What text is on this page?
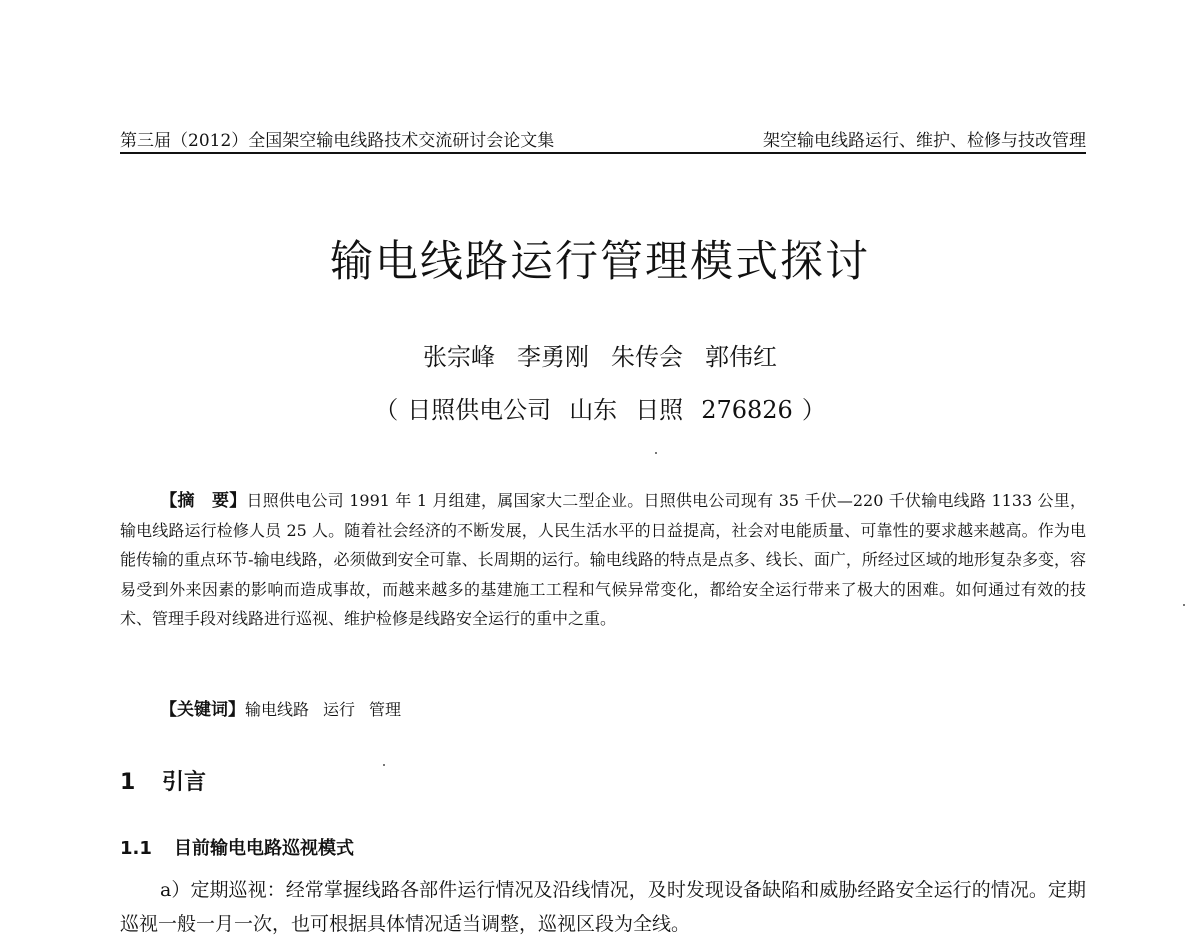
第三届（2012）全国架空输电线路技术交流研讨会论文集	架空输电线路运行、维护、检修与技改管理
输电线路运行管理模式探讨
张宗峰 李勇刚 朱传会 郭伟红
（ 日照供电公司 山东 日照 276826 ）
【摘　要】日照供电公司 1991 年 1 月组建，属国家大二型企业。日照供电公司现有 35 千伏—220 千伏输电线路 1133 公里，输电线路运行检修人员 25 人。随着社会经济的不断发展，人民生活水平的日益提高，社会对电能质量、可靠性的要求越来越高。作为电能传输的重点环节-输电线路，必须做到安全可靠、长周期的运行。输电线路的特点是点多、线长、面广，所经过区域的地形复杂多变，容易受到外来因素的影响而造成事故，而越来越多的基建施工工程和气候异常变化，都给安全运行带来了极大的困难。如何通过有效的技术、管理手段对线路进行巡视、维护检修是线路安全运行的重中之重。
【关键词】输电线路 运行 管理
1 引言
1.1 目前输电电路巡视模式
a）定期巡视：经常掌握线路各部件运行情况及沿线情况，及时发现设备缺陷和威胁经路安全运行的情况。定期巡视一般一月一次，也可根据具体情况适当调整，巡视区段为全线。
